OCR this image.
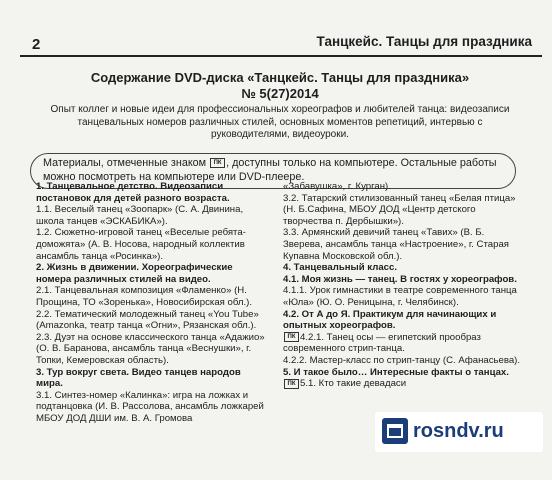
2	Танцкейс. Танцы для праздника
Содержание DVD-диска «Танцкейс. Танцы для праздника»
№ 5(27)2014
Опыт коллег и новые идеи для профессиональных хореографов и любителей танца: видеозаписи танцевальных номеров различных стилей, основных моментов репетиций, интервью с руководителями, видеоуроки.
Материалы, отмеченные знаком ПК , доступны только на компьютере. Остальные работы можно посмотреть на компьютере или DVD-плеере.

1. Танцевальное детство. Видеозаписи постановок для детей разного возраста.

1.1. Веселый танец «Зоопарк» (С. А. Двинина, школа танцев «ЭСКАБИКА»).

1.2. Сюжетно-игровой танец «Веселые ребята-доможята» (А. В. Носова, народный коллектив ансамбль танца «Росинка»).

2. Жизнь в движении. Хореографические номера различных стилей на видео.

2.1. Танцевальная композиция «Фламенко» (Н. Прощина, ТО «Зоренька», Новосибирская обл.).

2.2. Тематический молодежный танец «You Tube» (Amazonka, театр танца «Огни», Рязанская обл.).

2.3. Дуэт на основе классического танца «Адажио» (О. В. Баранова, ансамбль танца «Веснушки», г. Топки, Кемеровская область).

3. Тур вокруг света. Видео танцев народов мира.

3.1. Синтез-номер «Калинка»: игра на ложках и подтанцовка (И. В. Рассолова, ансамбль ложкарей МБОУ ДОД ДШИ им. В. А. Громова

«Забавушка», г. Курган).

3.2. Татарский стилизованный танец «Белая птица» (Н. Б.Сафина, МБОУ ДОД «Центр детского творчества п. Дербышки»).

3.3. Армянский девичий танец «Тавих» (В. Б. Зверева, ансамбль танца «Настроение», г. Старая Купавна Московской обл.).

4. Танцевальный класс.

4.1. Моя жизнь — танец. В гостях у хореографов.

4.1.1. Урок гимнастики в театре современного танца «Юла» (Ю. О. Реницына, г. Челябинск).

4.2. От А до Я. Практикум для начинающих и опытных хореографов.

ПК 4.2.1. Танец осы — египетский прообраз современного стрип-танца.

4.2.2. Мастер-класс по стрип-танцу (С. Афанасьева).

5. И такое было… Интересные факты о танцах.

ПК 5.1. Кто такие девадаси

rosndv.ru
